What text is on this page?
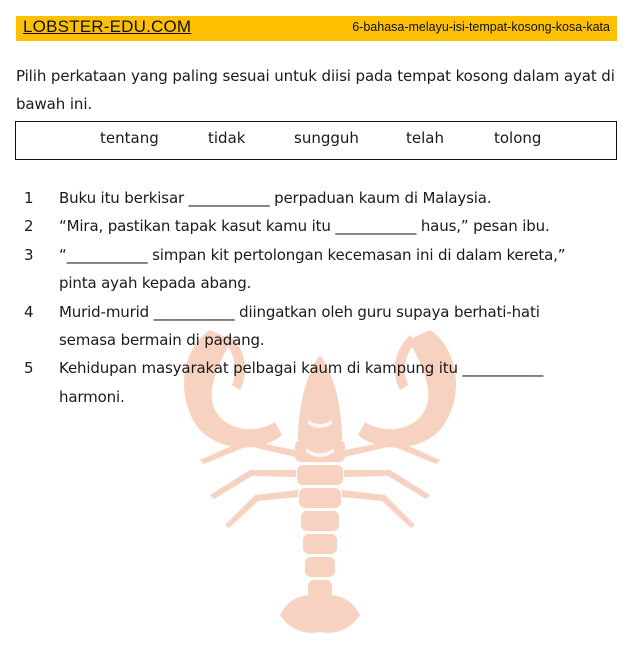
LOBSTER-EDU.COM	6-bahasa-melayu-isi-tempat-kosong-kosa-kata
Pilih perkataan yang paling sesuai untuk diisi pada tempat kosong dalam ayat di bawah ini.
tentang	tidak	sungguh	telah	tolong
1 Buku itu berkisar ___________ perpaduan kaum di Malaysia.
2 “Mira, pastikan tapak kasut kamu itu ___________ haus,” pesan ibu.
3 “___________ simpan kit pertolongan kecemasan ini di dalam kereta,”
pinta ayah kepada abang.
4 Murid-murid ___________ diingatkan oleh guru supaya berhati-hati
semasa bermain di padang.
5 Kehidupan masyarakat pelbagai kaum di kampung itu ___________
harmoni.
